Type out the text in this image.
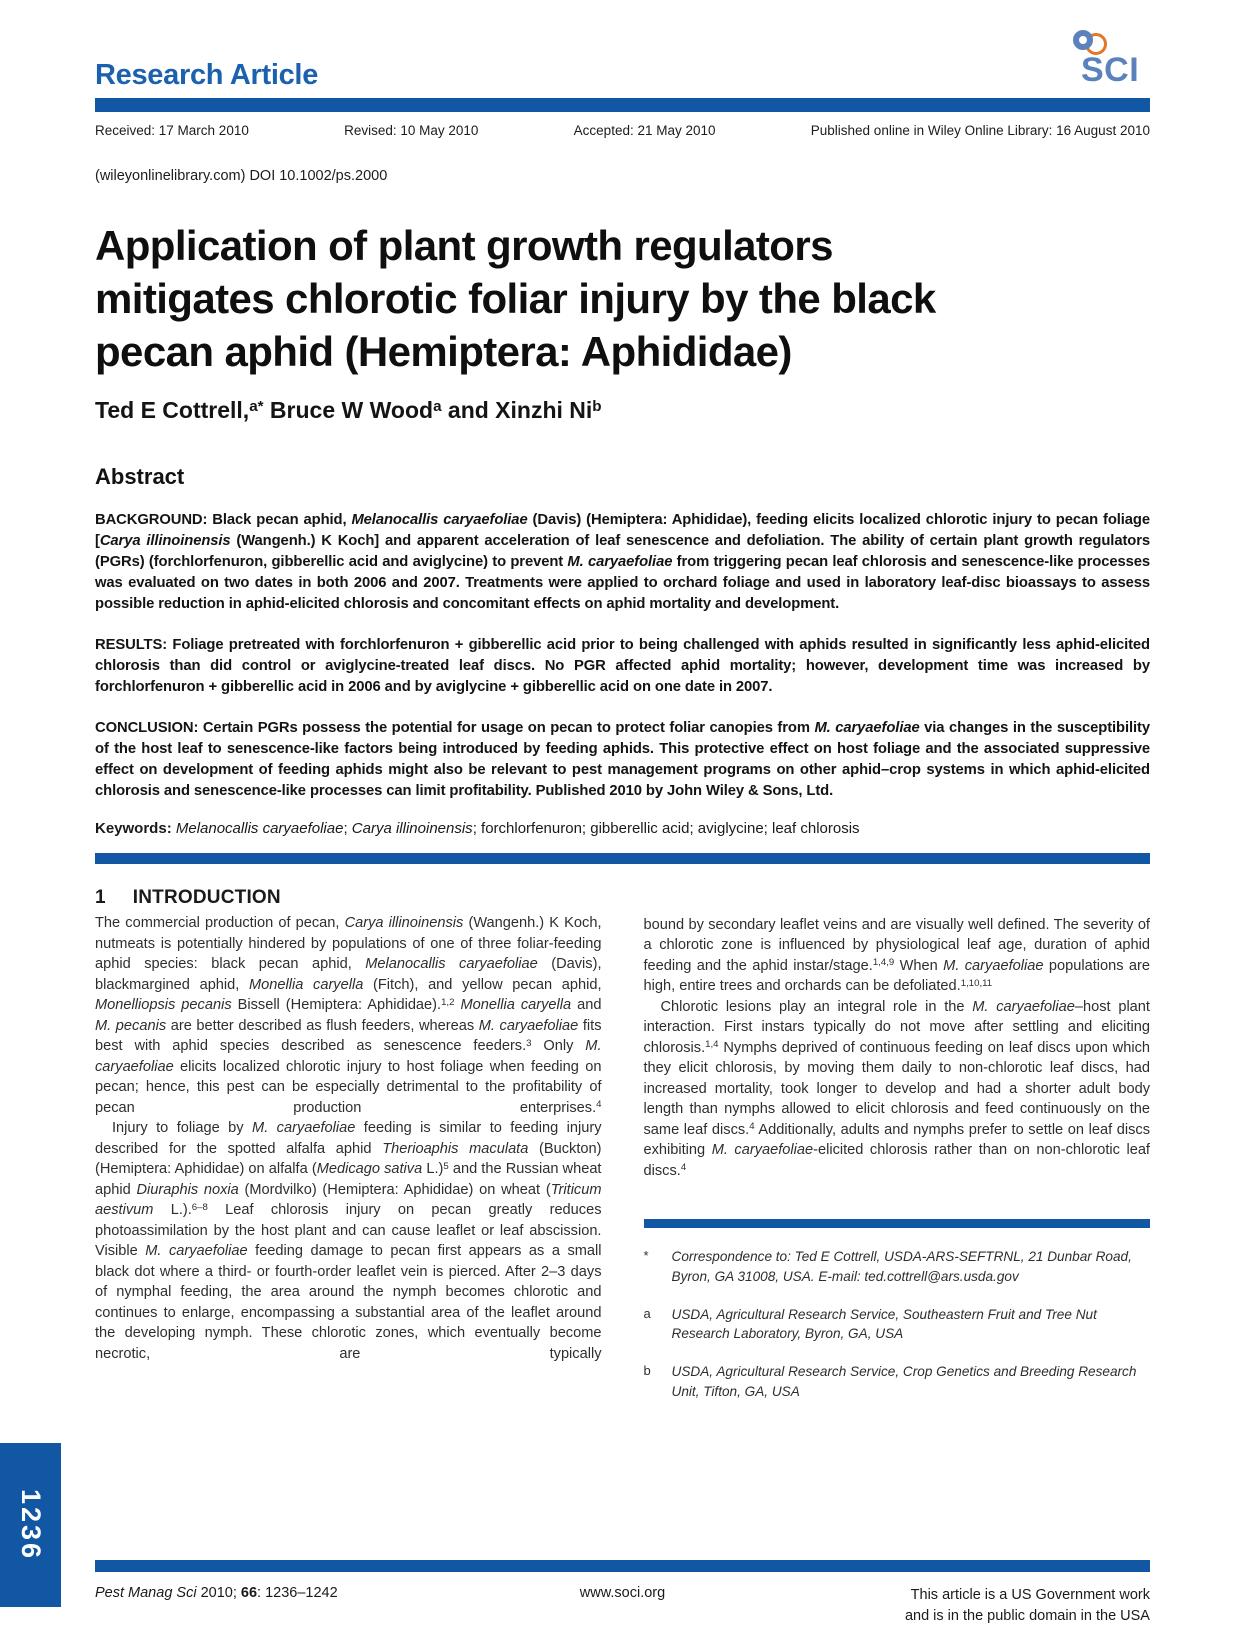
1236
Research Article	SCI
Received: 17 March 2010	Revised: 10 May 2010	Accepted: 21 May 2010	Published online in Wiley Online Library: 16 August 2010
(wileyonlinelibrary.com) DOI 10.1002/ps.2000
Application of plant growth regulators
mitigates chlorotic foliar injury by the black
pecan aphid (Hemiptera: Aphididae)
Ted E Cottrell,$^{a*}$ Bruce W Wood$^a$ and Xinzhi Ni$^b$
Abstract

BACKGROUND: Black pecan aphid, Melanocallis caryaefoliae (Davis) (Hemiptera: Aphididae), feeding elicits localized chlorotic injury to pecan foliage [Carya illinoinensis (Wangenh.) K Koch] and apparent acceleration of leaf senescence and defoliation. The ability of certain plant growth regulators (PGRs) (forchlorfenuron, gibberellic acid and aviglycine) to prevent M. caryaefoliae from triggering pecan leaf chlorosis and senescence-like processes was evaluated on two dates in both 2006 and 2007. Treatments were applied to orchard foliage and used in laboratory leaf-disc bioassays to assess possible reduction in aphid-elicited chlorosis and concomitant effects on aphid mortality and development.

RESULTS: Foliage pretreated with forchlorfenuron + gibberellic acid prior to being challenged with aphids resulted in significantly less aphid-elicited chlorosis than did control or aviglycine-treated leaf discs. No PGR affected aphid mortality; however, development time was increased by forchlorfenuron + gibberellic acid in 2006 and by aviglycine + gibberellic acid on one date in 2007.

CONCLUSION: Certain PGRs possess the potential for usage on pecan to protect foliar canopies from M. caryaefoliae via changes in the susceptibility of the host leaf to senescence-like factors being introduced by feeding aphids. This protective effect on host foliage and the associated suppressive effect on development of feeding aphids might also be relevant to pest management programs on other aphid–crop systems in which aphid-elicited chlorosis and senescence-like processes can limit profitability. Published 2010 by John Wiley & Sons, Ltd.

Keywords: Melanocallis caryaefoliae; Carya illinoinensis; forchlorfenuron; gibberellic acid; aviglycine; leaf chlorosis

1 INTRODUCTION

The commercial production of pecan, Carya illinoinensis (Wangenh.) K Koch, nutmeats is potentially hindered by populations of one of three foliar-feeding aphid species: black pecan aphid, Melanocallis caryaefoliae (Davis), blackmargined aphid, Monellia caryella (Fitch), and yellow pecan aphid, Monelliopsis pecanis Bissell (Hemiptera: Aphididae).$^{1,2}$ Monellia caryella and M. pecanis are better described as flush feeders, whereas M. caryaefoliae fits best with aphid species described as senescence feeders.$^3$ Only M. caryaefoliae elicits localized chlorotic injury to host foliage when feeding on pecan; hence, this pest can be especially detrimental to the profitability of pecan production enterprises.$^4$

Injury to foliage by M. caryaefoliae feeding is similar to feeding injury described for the spotted alfalfa aphid Therioaphis maculata (Buckton) (Hemiptera: Aphididae) on alfalfa (Medicago sativa L.)$^5$ and the Russian wheat aphid Diuraphis noxia (Mordvilko) (Hemiptera: Aphididae) on wheat (Triticum aestivum L.).$^{6-8}$ Leaf chlorosis injury on pecan greatly reduces photoassimilation by the host plant and can cause leaflet or leaf abscission. Visible M. caryaefoliae feeding damage to pecan first appears as a small black dot where a third- or fourth-order leaflet vein is pierced. After 2–3 days of nymphal feeding, the area around the nymph becomes chlorotic and continues to enlarge, encompassing a substantial area of the leaflet around the developing nymph. These chlorotic zones, which eventually become necrotic, are typically

bound by secondary leaflet veins and are visually well defined. The severity of a chlorotic zone is influenced by physiological leaf age, duration of aphid feeding and the aphid instar/stage.$^{1,4,9}$ When M. caryaefoliae populations are high, entire trees and orchards can be defoliated.$^{1,10,11}$

Chlorotic lesions play an integral role in the M. caryaefoliae–host plant interaction. First instars typically do not move after settling and eliciting chlorosis.$^{1,4}$ Nymphs deprived of continuous feeding on leaf discs upon which they elicit chlorosis, by moving them daily to non-chlorotic leaf discs, had increased mortality, took longer to develop and had a shorter adult body length than nymphs allowed to elicit chlorosis and feed continuously on the same leaf discs.$^4$ Additionally, adults and nymphs prefer to settle on leaf discs exhibiting M. caryaefoliae-elicited chlorosis rather than on non-chlorotic leaf discs.$^4$

*	Correspondence to: Ted E Cottrell, USDA-ARS-SEFTRNL, 21 Dunbar Road, Byron, GA 31008, USA. E-mail: ted.cottrell@ars.usda.gov
a	USDA, Agricultural Research Service, Southeastern Fruit and Tree Nut Research Laboratory, Byron, GA, USA
b	USDA, Agricultural Research Service, Crop Genetics and Breeding Research Unit, Tifton, GA, USA
Pest Manag Sci 2010; 66: 1236–1242	www.soci.org	This article is a US Government work
and is in the public domain in the USA
